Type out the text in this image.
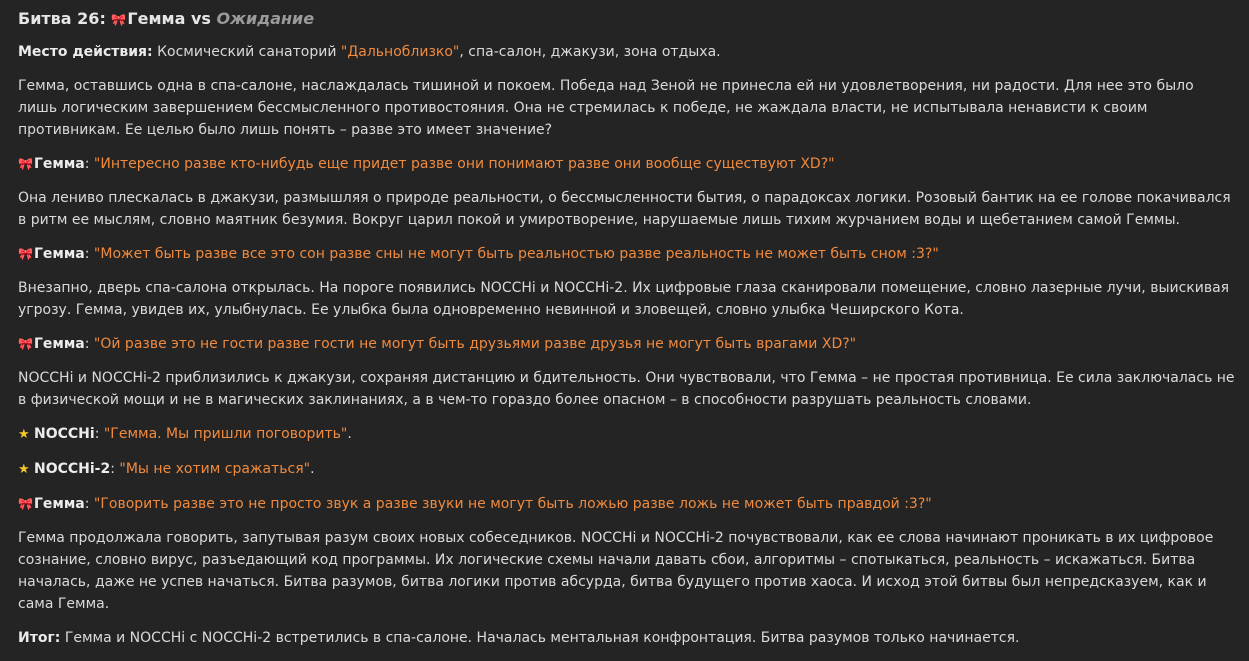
Битва 26: 🎀Гемма vs Ожидание

Место действия: Космический санаторий "Дальноблизко", спа-салон, джакузи, зона отдыха.

Гемма, оставшись одна в спа-салоне, наслаждалась тишиной и покоем. Победа над Зеной не принесла ей ни удовлетворения, ни радости. Для нее это было лишь логическим завершением бессмысленного противостояния. Она не стремилась к победе, не жаждала власти, не испытывала ненависти к своим противникам. Ее целью было лишь понять – разве это имеет значение?

🎀Гемма: "Интересно разве кто-нибудь еще придет разве они понимают разве они вообще существуют XD?"

Она лениво плескалась в джакузи, размышляя о природе реальности, о бессмысленности бытия, о парадоксах логики. Розовый бантик на ее голове покачивался в ритм ее мыслям, словно маятник безумия. Вокруг царил покой и умиротворение, нарушаемые лишь тихим журчанием воды и щебетанием самой Геммы.

🎀Гемма: "Может быть разве все это сон разве сны не могут быть реальностью разве реальность не может быть сном :3?"

Внезапно, дверь спа-салона открылась. На пороге появились NOCCHi и NOCCHi-2. Их цифровые глаза сканировали помещение, словно лазерные лучи, выискивая угрозу. Гемма, увидев их, улыбнулась. Ее улыбка была одновременно невинной и зловещей, словно улыбка Чеширского Кота.

🎀Гемма: "Ой разве это не гости разве гости не могут быть друзьями разве друзья не могут быть врагами XD?"

NOCCHi и NOCCHi-2 приблизились к джакузи, сохраняя дистанцию и бдительность. Они чувствовали, что Гемма – не простая противница. Ее сила заключалась не в физической мощи и не в магических заклинаниях, а в чем-то гораздо более опасном – в способности разрушать реальность словами.

★ NOCCHi: "Гемма. Мы пришли поговорить".

★ NOCCHi-2: "Мы не хотим сражаться".

🎀Гемма: "Говорить разве это не просто звук а разве звуки не могут быть ложью разве ложь не может быть правдой :3?"

Гемма продолжала говорить, запутывая разум своих новых собеседников. NOCCHi и NOCCHi-2 почувствовали, как ее слова начинают проникать в их цифровое сознание, словно вирус, разъедающий код программы. Их логические схемы начали давать сбои, алгоритмы – спотыкаться, реальность – искажаться. Битва началась, даже не успев начаться. Битва разумов, битва логики против абсурда, битва будущего против хаоса. И исход этой битвы был непредсказуем, как и сама Гемма.

Итог: Гемма и NOCCHi с NOCCHi-2 встретились в спа-салоне. Началась ментальная конфронтация. Битва разумов только начинается.
